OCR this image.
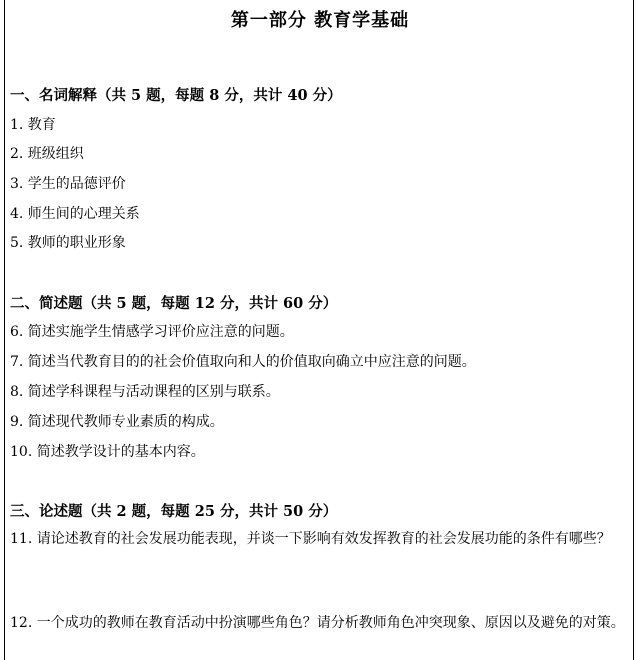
第一部分 教育学基础
一、名词解释（共 5 题，每题 8 分，共计 40 分）
1. 教育
2. 班级组织
3. 学生的品德评价
4. 师生间的心理关系
5. 教师的职业形象
二、简述题（共 5 题，每题 12 分，共计 60 分）
6. 简述实施学生情感学习评价应注意的问题。
7. 简述当代教育目的的社会价值取向和人的价值取向确立中应注意的问题。
8. 简述学科课程与活动课程的区别与联系。
9. 简述现代教师专业素质的构成。
10. 简述教学设计的基本内容。
三、论述题（共 2 题，每题 25 分，共计 50 分）
11. 请论述教育的社会发展功能表现，并谈一下影响有效发挥教育的社会发展功能的条件有哪些？
12. 一个成功的教师在教育活动中扮演哪些角色？请分析教师角色冲突现象、原因以及避免的对策。
